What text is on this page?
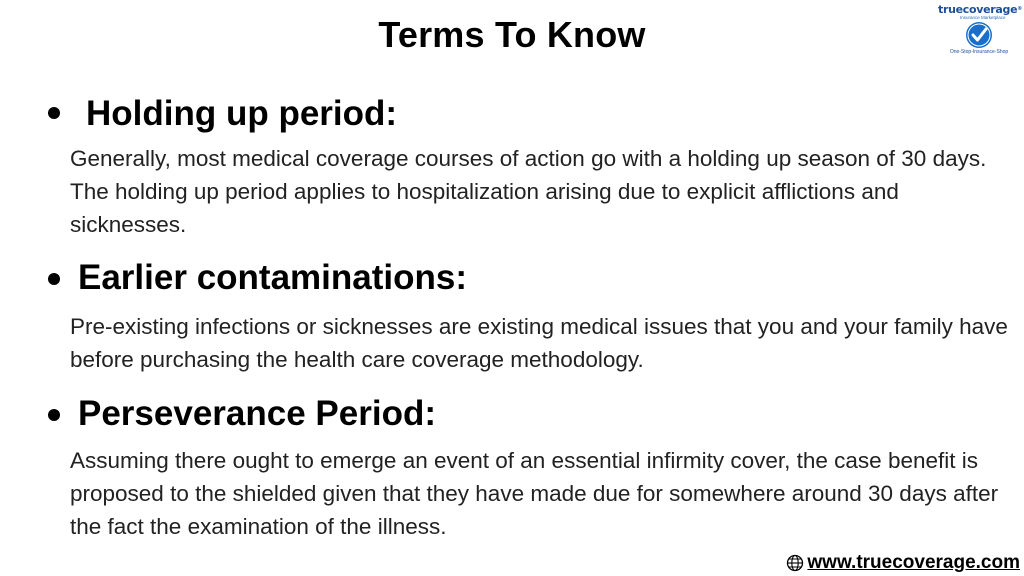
Terms To Know
truecoverage®
Insurance Marketplace
One-Stop-Insurance-Shop
Holding up period:
Generally, most medical coverage courses of action go with a holding up season of 30 days. The holding up period applies to hospitalization arising due to explicit afflictions and sicknesses.
Earlier contaminations:
Pre-existing infections or sicknesses are existing medical issues that you and your family have before purchasing the health care coverage methodology.
Perseverance Period:
Assuming there ought to emerge an event of an essential infirmity cover, the case benefit is proposed to the shielded given that they have made due for somewhere around 30 days after the fact the examination of the illness.
www.truecoverage.com
